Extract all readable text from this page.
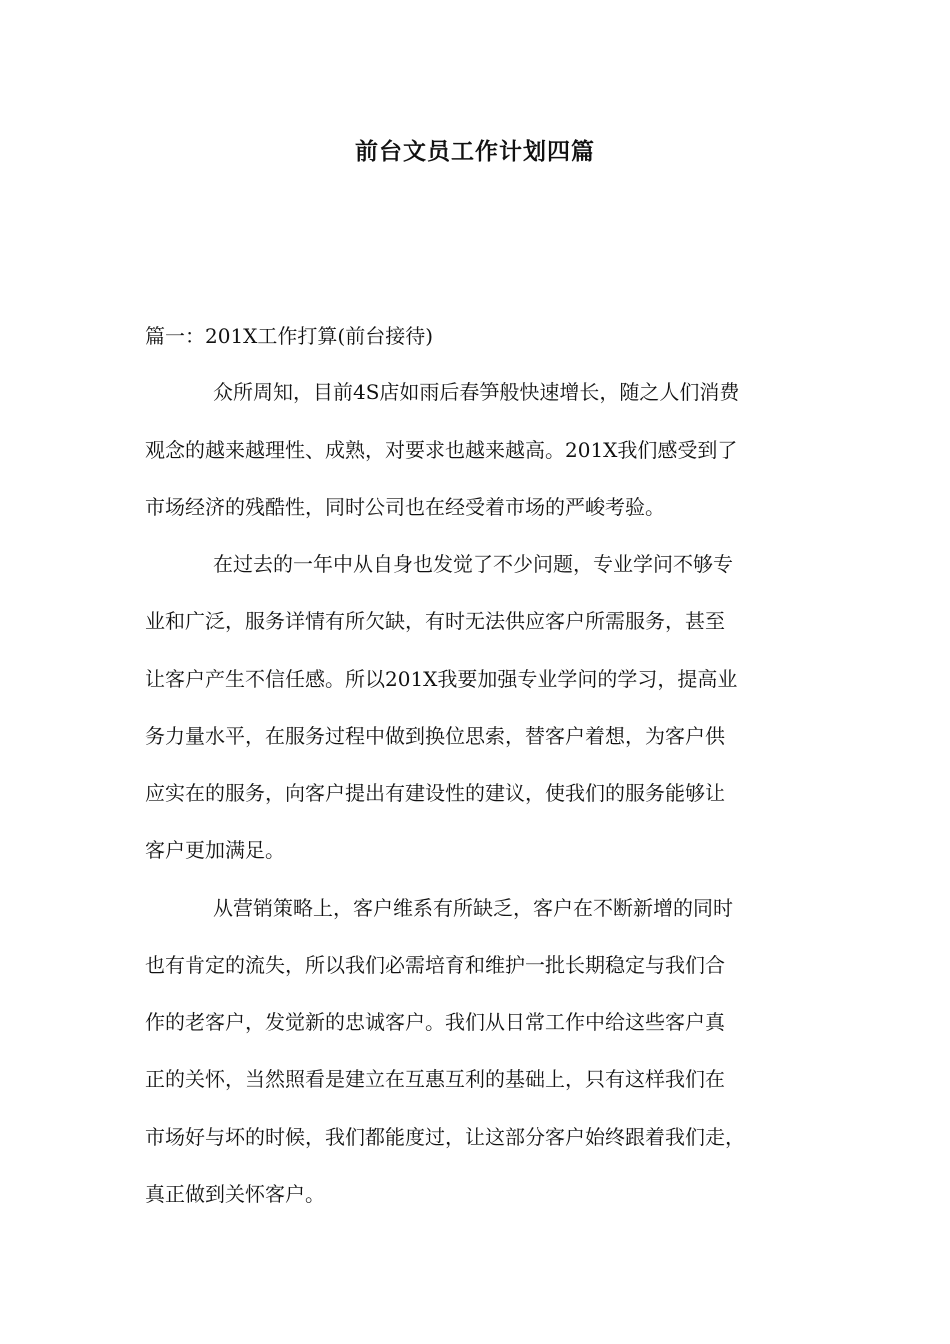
前台文员工作计划四篇
篇一：201X工作打算(前台接待)
众所周知，目前4S店如雨后春笋般快速增长，随之人们消费
观念的越来越理性、成熟，对要求也越来越高。201X我们感受到了
市场经济的残酷性，同时公司也在经受着市场的严峻考验。
在过去的一年中从自身也发觉了不少问题，专业学问不够专
业和广泛，服务详情有所欠缺，有时无法供应客户所需服务，甚至
让客户产生不信任感。所以201X我要加强专业学问的学习，提高业
务力量水平，在服务过程中做到换位思索，替客户着想，为客户供
应实在的服务，向客户提出有建设性的建议，使我们的服务能够让
客户更加满足。
从营销策略上，客户维系有所缺乏，客户在不断新增的同时
也有肯定的流失，所以我们必需培育和维护一批长期稳定与我们合
作的老客户，发觉新的忠诚客户。我们从日常工作中给这些客户真
正的关怀，当然照看是建立在互惠互利的基础上，只有这样我们在
市场好与坏的时候，我们都能度过，让这部分客户始终跟着我们走，
真正做到关怀客户。
